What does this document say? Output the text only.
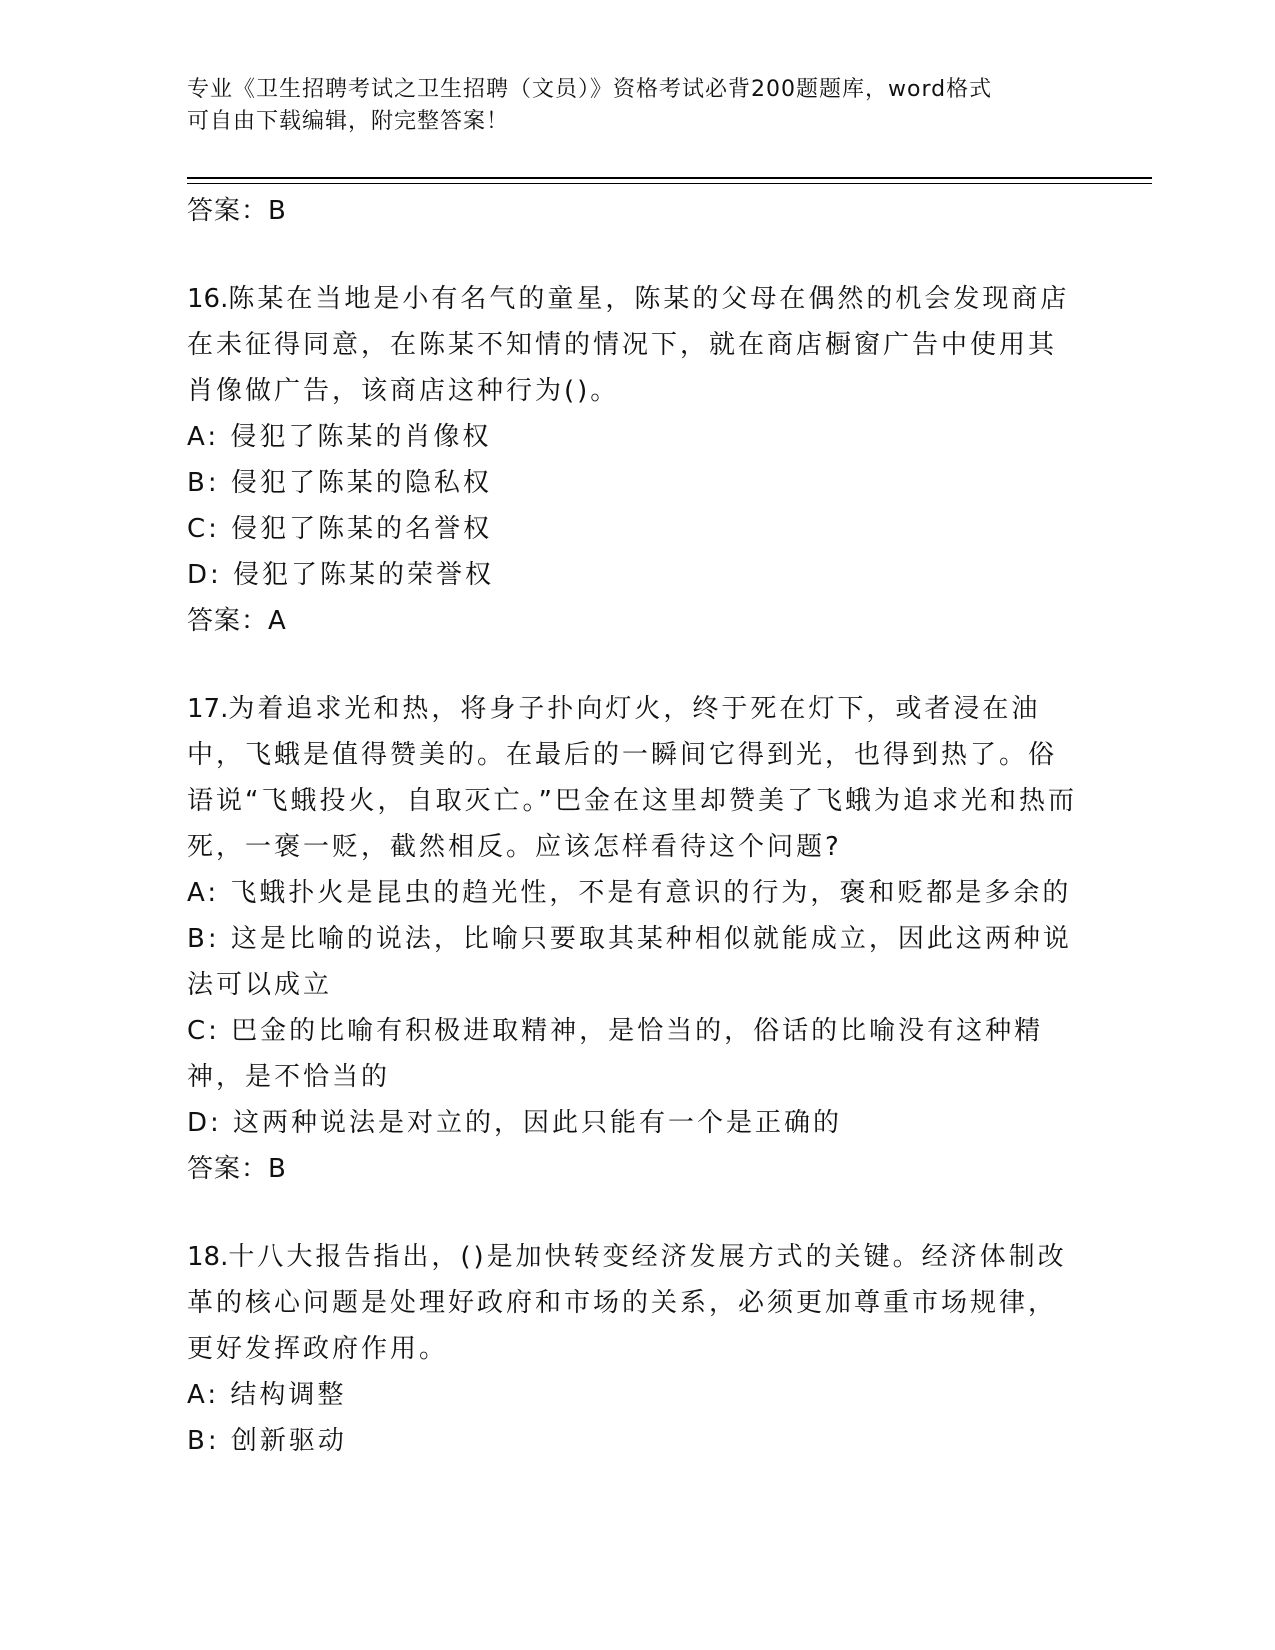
专业《卫生招聘考试之卫生招聘（文员）》资格考试必背200题题库，word格式
可自由下载编辑，附完整答案！
答案：B
16.陈某在当地是小有名气的童星，陈某的父母在偶然的机会发现商店在未征得同意，在陈某不知情的情况下，就在商店橱窗广告中使用其肖像做广告，该商店这种行为()。
A: 侵犯了陈某的肖像权
B: 侵犯了陈某的隐私权
C: 侵犯了陈某的名誉权
D: 侵犯了陈某的荣誉权
答案：A
17.为着追求光和热，将身子扑向灯火，终于死在灯下，或者浸在油中，飞蛾是值得赞美的。在最后的一瞬间它得到光，也得到热了。俗语说“飞蛾投火，自取灭亡。”巴金在这里却赞美了飞蛾为追求光和热而死，一褒一贬，截然相反。应该怎样看待这个问题?
A: 飞蛾扑火是昆虫的趋光性，不是有意识的行为，褒和贬都是多余的
B: 这是比喻的说法，比喻只要取其某种相似就能成立，因此这两种说法可以成立
C: 巴金的比喻有积极进取精神，是恰当的，俗话的比喻没有这种精神，是不恰当的
D: 这两种说法是对立的，因此只能有一个是正确的
答案：B
18.十八大报告指出，()是加快转变经济发展方式的关键。经济体制改革的核心问题是处理好政府和市场的关系，必须更加尊重市场规律，更好发挥政府作用。
A: 结构调整
B: 创新驱动
